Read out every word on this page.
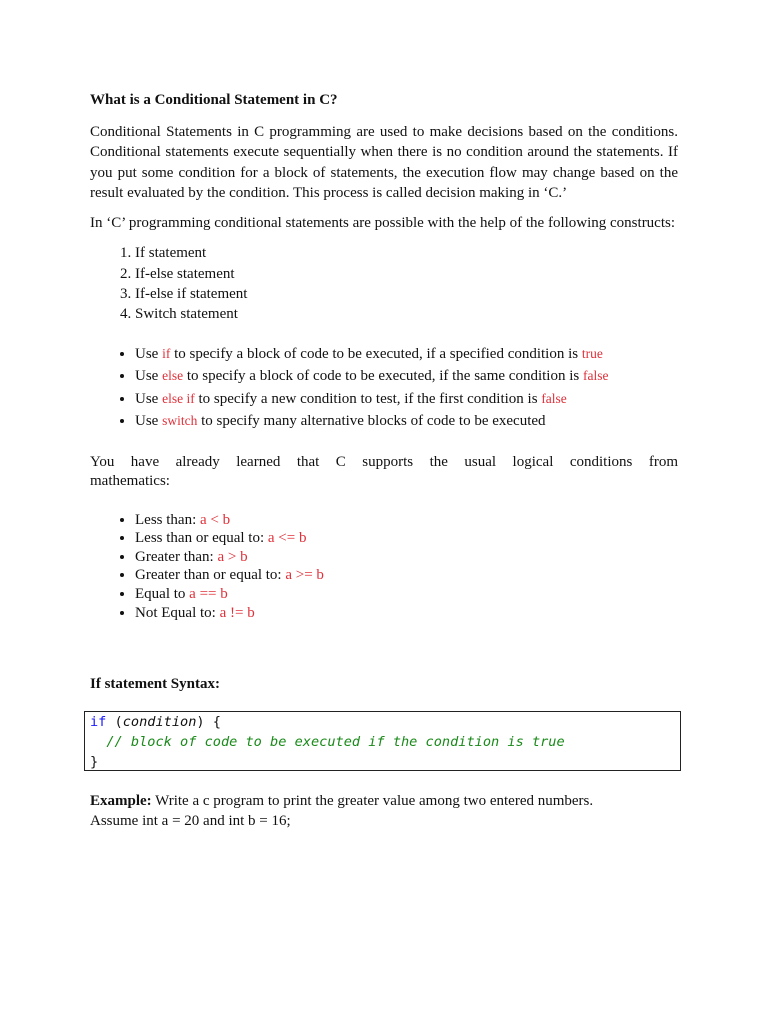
What is a Conditional Statement in C?

Conditional Statements in C programming are used to make decisions based on the conditions. Conditional statements execute sequentially when there is no condition around the statements. If you put some condition for a block of statements, the execution flow may change based on the result evaluated by the condition. This process is called decision making in ‘C.’

In ‘C’ programming conditional statements are possible with the help of the following constructs:

1. If statement
2. If-else statement
3. If-else if statement
4. Switch statement
• Use if to specify a block of code to be executed, if a specified condition is true
• Use else to specify a block of code to be executed, if the same condition is false
• Use else if to specify a new condition to test, if the first condition is false
• Use switch to specify many alternative blocks of code to be executed
You have already learned that C supports the usual logical conditions from
mathematics:
• Less than: a < b
• Less than or equal to: a <= b
• Greater than: a > b
• Greater than or equal to: a >= b
• Equal to a == b
• Not Equal to: a != b
If statement Syntax:
if (condition) {
// block of code to be executed if the condition is true
}
Example: Write a c program to print the greater value among two entered numbers.
Assume int a = 20 and int b = 16;
